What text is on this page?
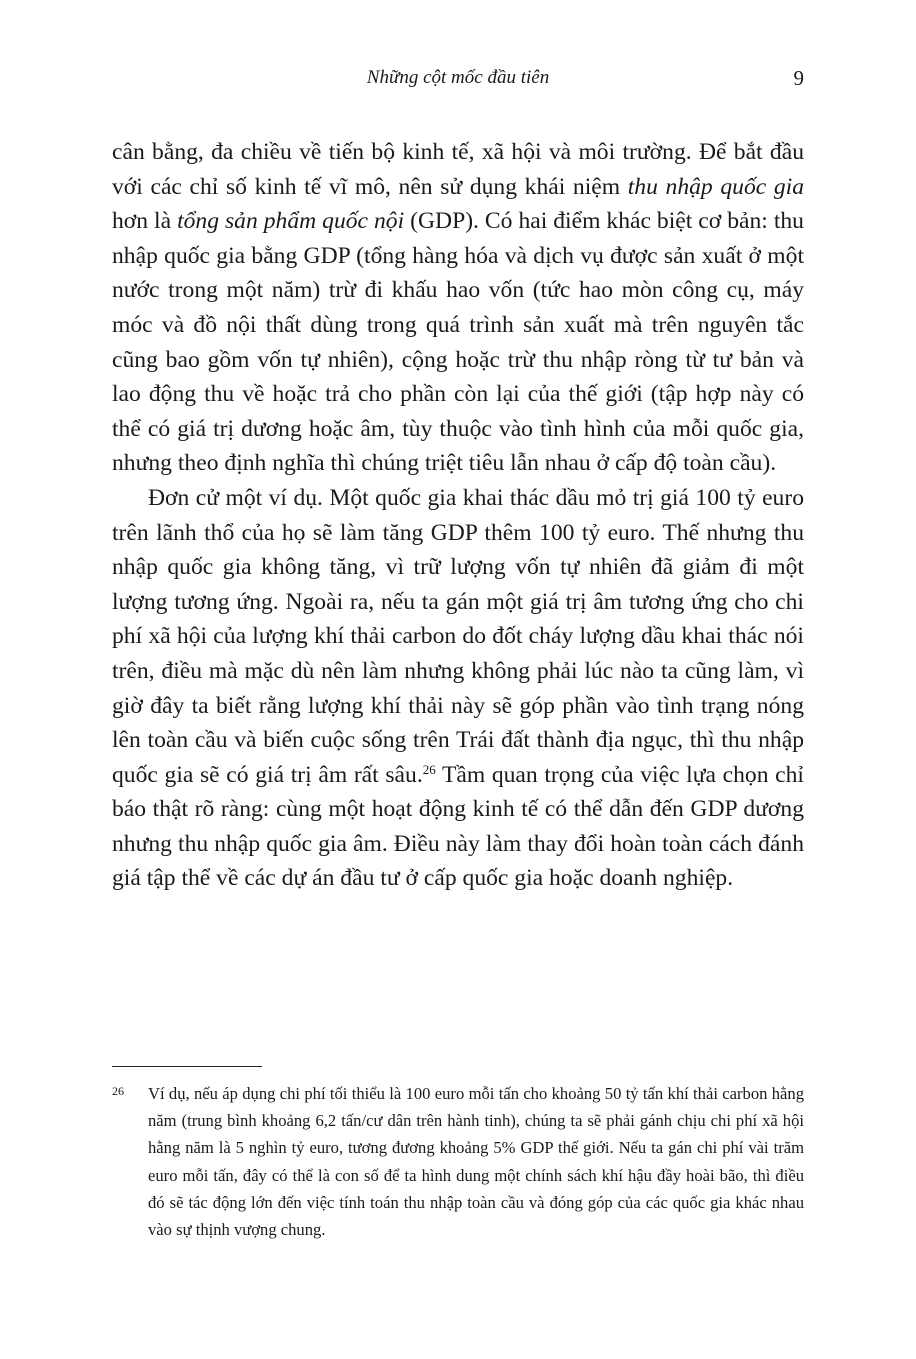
Những cột mốc đầu tiên	9

cân bằng, đa chiều về tiến bộ kinh tế, xã hội và môi trường. Để bắt đầu với các chỉ số kinh tế vĩ mô, nên sử dụng khái niệm thu nhập quốc gia hơn là tổng sản phẩm quốc nội (GDP). Có hai điểm khác biệt cơ bản: thu nhập quốc gia bằng GDP (tổng hàng hóa và dịch vụ được sản xuất ở một nước trong một năm) trừ đi khấu hao vốn (tức hao mòn công cụ, máy móc và đồ nội thất dùng trong quá trình sản xuất mà trên nguyên tắc cũng bao gồm vốn tự nhiên), cộng hoặc trừ thu nhập ròng từ tư bản và lao động thu về hoặc trả cho phần còn lại của thế giới (tập hợp này có thể có giá trị dương hoặc âm, tùy thuộc vào tình hình của mỗi quốc gia, nhưng theo định nghĩa thì chúng triệt tiêu lẫn nhau ở cấp độ toàn cầu).

Đơn cử một ví dụ. Một quốc gia khai thác dầu mỏ trị giá 100 tỷ euro trên lãnh thổ của họ sẽ làm tăng GDP thêm 100 tỷ euro. Thế nhưng thu nhập quốc gia không tăng, vì trữ lượng vốn tự nhiên đã giảm đi một lượng tương ứng. Ngoài ra, nếu ta gán một giá trị âm tương ứng cho chi phí xã hội của lượng khí thải carbon do đốt cháy lượng dầu khai thác nói trên, điều mà mặc dù nên làm nhưng không phải lúc nào ta cũng làm, vì giờ đây ta biết rằng lượng khí thải này sẽ góp phần vào tình trạng nóng lên toàn cầu và biến cuộc sống trên Trái đất thành địa ngục, thì thu nhập quốc gia sẽ có giá trị âm rất sâu.$^{26}$ Tầm quan trọng của việc lựa chọn chỉ báo thật rõ ràng: cùng một hoạt động kinh tế có thể dẫn đến GDP dương nhưng thu nhập quốc gia âm. Điều này làm thay đổi hoàn toàn cách đánh giá tập thể về các dự án đầu tư ở cấp quốc gia hoặc doanh nghiệp.

26 Ví dụ, nếu áp dụng chi phí tối thiểu là 100 euro mỗi tấn cho khoảng 50 tỷ tấn khí thải carbon hằng năm (trung bình khoảng 6,2 tấn/cư dân trên hành tinh), chúng ta sẽ phải gánh chịu chi phí xã hội hằng năm là 5 nghìn tỷ euro, tương đương khoảng 5% GDP thế giới. Nếu ta gán chi phí vài trăm euro mỗi tấn, đây có thể là con số để ta hình dung một chính sách khí hậu đầy hoài bão, thì điều đó sẽ tác động lớn đến việc tính toán thu nhập toàn cầu và đóng góp của các quốc gia khác nhau vào sự thịnh vượng chung.
